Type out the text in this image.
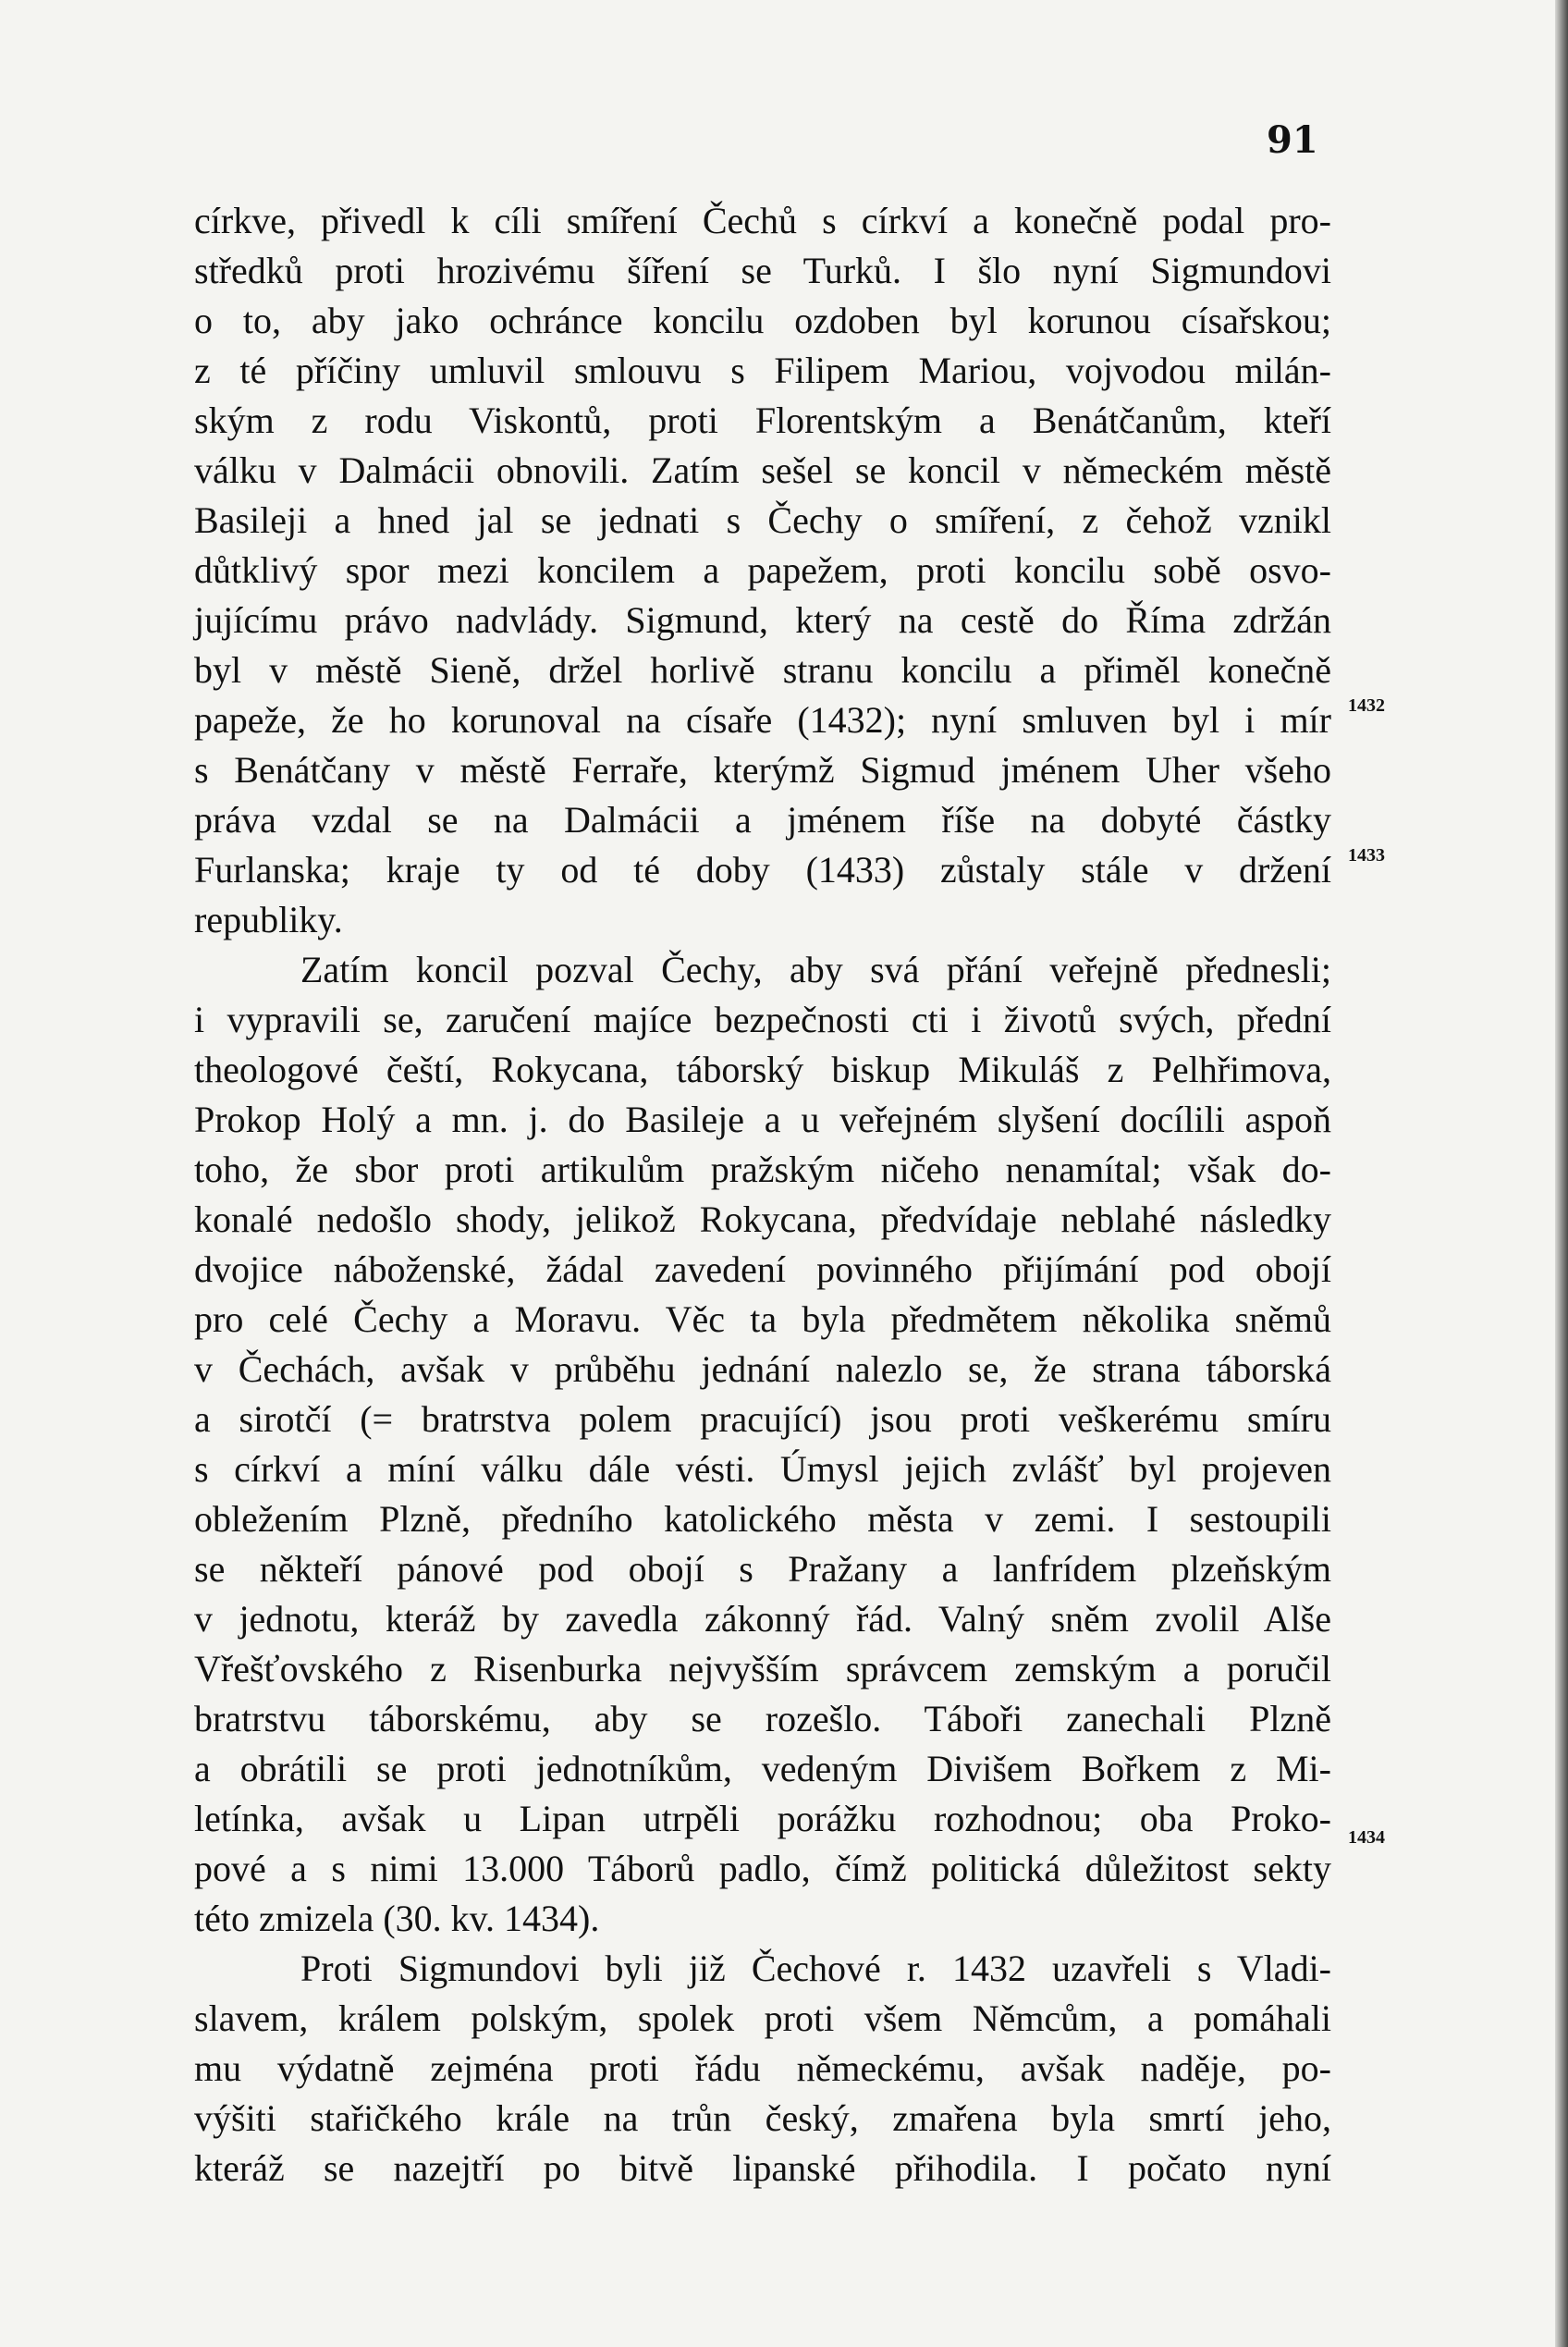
91
církve, přivedl k cíli smíření Čechů s církví a konečně podal pro-
středků proti hrozivému šíření se Turků. I šlo nyní Sigmundovi
o to, aby jako ochránce koncilu ozdoben byl korunou císařskou;
z té příčiny umluvil smlouvu s Filipem Mariou, vojvodou milán-
ským z rodu Viskontů, proti Florentským a Benátčanům, kteří
válku v Dalmácii obnovili. Zatím sešel se koncil v německém městě
Basileji a hned jal se jednati s Čechy o smíření, z čehož vznikl
důtklivý spor mezi koncilem a papežem, proti koncilu sobě osvo-
jujícímu právo nadvlády. Sigmund, který na cestě do Říma zdržán
byl v městě Sieně, držel horlivě stranu koncilu a přiměl konečně
papeže, že ho korunoval na císaře (1432); nyní smluven byl i mír
s Benátčany v městě Ferraře, kterýmž Sigmud jménem Uher všeho
práva vzdal se na Dalmácii a jménem říše na dobyté částky
Furlanska; kraje ty od té doby (1433) zůstaly stále v držení
republiky.
Zatím koncil pozval Čechy, aby svá přání veřejně přednesli;
i vypravili se, zaručení majíce bezpečnosti cti i životů svých, přední
theologové čeští, Rokycana, táborský biskup Mikuláš z Pelhřimova,
Prokop Holý a mn. j. do Basileje a u veřejném slyšení docílili aspoň
toho, že sbor proti artikulům pražským ničeho nenamítal; však do-
konalé nedošlo shody, jelikož Rokycana, předvídaje neblahé následky
dvojice náboženské, žádal zavedení povinného přijímání pod obojí
pro celé Čechy a Moravu. Věc ta byla předmětem několika sněmů
v Čechách, avšak v průběhu jednání nalezlo se, že strana táborská
a sirotčí (= bratrstva polem pracující) jsou proti veškerému smíru
s církví a míní válku dále vésti. Úmysl jejich zvlášť byl projeven
obležením Plzně, předního katolického města v zemi. I sestoupili
se někteří pánové pod obojí s Pražany a lanfrídem plzeňským
v jednotu, kteráž by zavedla zákonný řád. Valný sněm zvolil Alše
Vřešťovského z Risenburka nejvyšším správcem zemským a poručil
bratrstvu táborskému, aby se rozešlo. Táboři zanechali Plzně
a obrátili se proti jednotníkům, vedeným Divišem Bořkem z Mi-
letínka, avšak u Lipan utrpěli porážku rozhodnou; oba Proko-
pové a s nimi 13.000 Táborů padlo, čímž politická důležitost sekty
této zmizela (30. kv. 1434).
Proti Sigmundovi byli již Čechové r. 1432 uzavřeli s Vladi-
slavem, králem polským, spolek proti všem Němcům, a pomáhali
mu výdatně zejména proti řádu německému, avšak naděje, po-
výšiti stařičkého krále na trůn český, zmařena byla smrtí jeho,
kteráž se nazejtří po bitvě lipanské přihodila. I počato nyní
1432
1433
1434
